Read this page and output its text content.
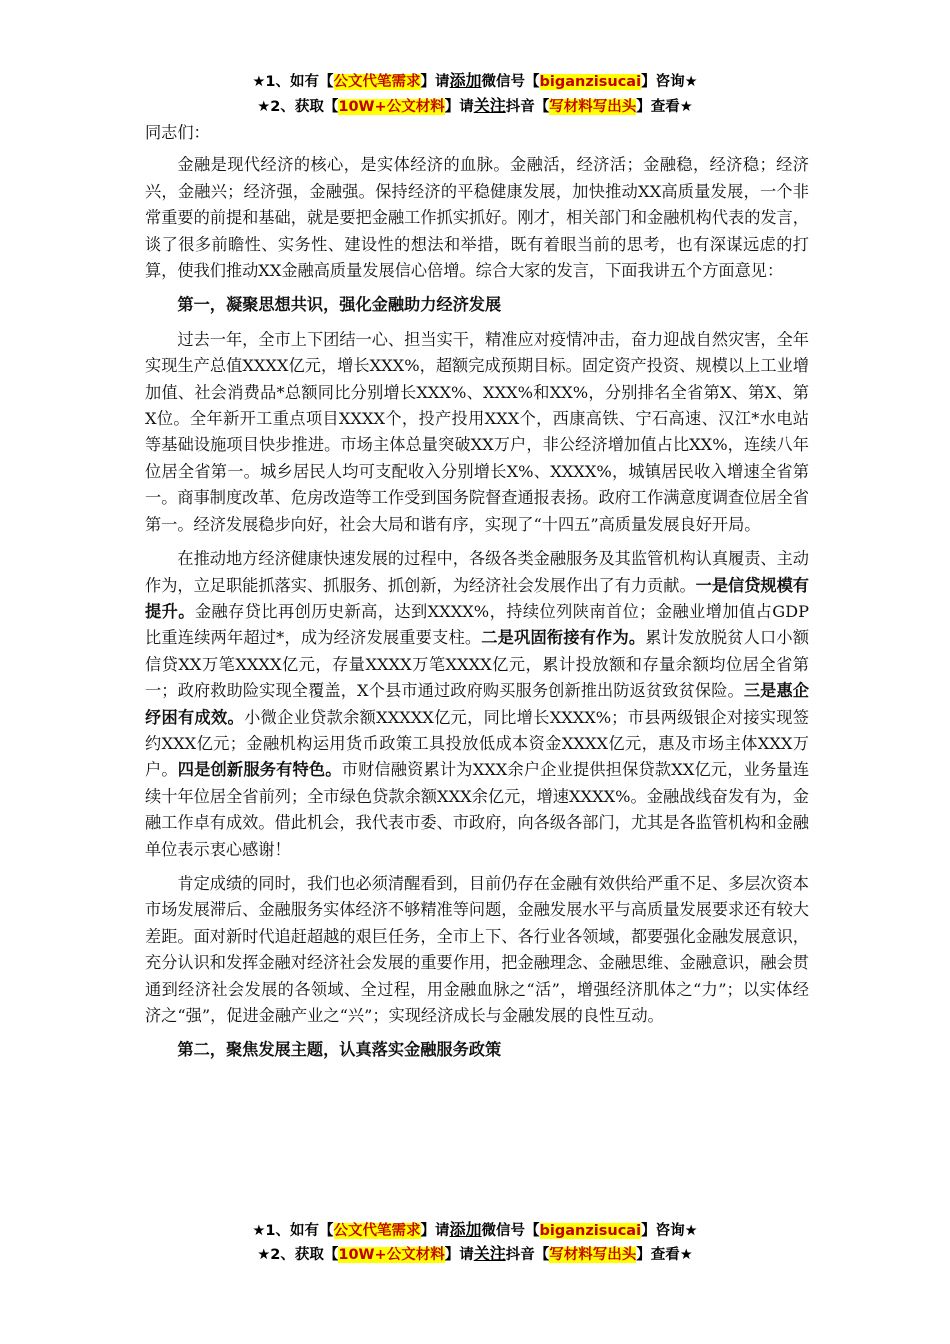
★1、如有【公文代笔需求】请添加微信号【biganzisucai】咨询★
★2、获取【10W+公文材料】请关注抖音【写材料写出头】查看★

同志们：

金融是现代经济的核心，是实体经济的血脉。金融活，经济活；金融稳，经济稳；经济兴，金融兴；经济强，金融强。保持经济的平稳健康发展，加快推动XX高质量发展，一个非常重要的前提和基础，就是要把金融工作抓实抓好。刚才，相关部门和金融机构代表的发言，谈了很多前瞻性、实务性、建设性的想法和举措，既有着眼当前的思考，也有深谋远虑的打算，使我们推动XX金融高质量发展信心倍增。综合大家的发言，下面我讲五个方面意见：

第一，凝聚思想共识，强化金融助力经济发展

过去一年，全市上下团结一心、担当实干，精准应对疫情冲击，奋力迎战自然灾害，全年实现生产总值XXXX亿元，增长XXX%，超额完成预期目标。固定资产投资、规模以上工业增加值、社会消费品*总额同比分别增长XXX%、XXX%和XX%，分别排名全省第X、第X、第X位。全年新开工重点项目XXXX个，投产投用XXX个，西康高铁、宁石高速、汉江*水电站等基础设施项目快步推进。市场主体总量突破XX万户，非公经济增加值占比XX%，连续八年位居全省第一。城乡居民人均可支配收入分别增长X%、XXXX%，城镇居民收入增速全省第一。商事制度改革、危房改造等工作受到国务院督查通报表扬。政府工作满意度调查位居全省第一。经济发展稳步向好，社会大局和谐有序，实现了“十四五”高质量发展良好开局。

在推动地方经济健康快速发展的过程中，各级各类金融服务及其监管机构认真履责、主动作为，立足职能抓落实、抓服务、抓创新，为经济社会发展作出了有力贡献。一是信贷规模有提升。金融存贷比再创历史新高，达到XXXX%，持续位列陕南首位；金融业增加值占GDP比重连续两年超过*，成为经济发展重要支柱。二是巩固衔接有作为。累计发放脱贫人口小额信贷XX万笔XXXX亿元，存量XXXX万笔XXXX亿元，累计投放额和存量余额均位居全省第一；政府救助险实现全覆盖，X个县市通过政府购买服务创新推出防返贫致贫保险。三是惠企纾困有成效。小微企业贷款余额XXXXX亿元，同比增长XXXX%；市县两级银企对接实现签约XXX亿元；金融机构运用货币政策工具投放低成本资金XXXX亿元，惠及市场主体XXX万户。四是创新服务有特色。市财信融资累计为XXX余户企业提供担保贷款XX亿元，业务量连续十年位居全省前列；全市绿色贷款余额XXX余亿元，增速XXXX%。金融战线奋发有为，金融工作卓有成效。借此机会，我代表市委、市政府，向各级各部门，尤其是各监管机构和金融单位表示衷心感谢！

肯定成绩的同时，我们也必须清醒看到，目前仍存在金融有效供给严重不足、多层次资本市场发展滞后、金融服务实体经济不够精准等问题，金融发展水平与高质量发展要求还有较大差距。面对新时代追赶超越的艰巨任务，全市上下、各行业各领域，都要强化金融发展意识，充分认识和发挥金融对经济社会发展的重要作用，把金融理念、金融思维、金融意识，融会贯通到经济社会发展的各领域、全过程，用金融血脉之“活”，增强经济肌体之“力”；以实体经济之“强”，促进金融产业之“兴”；实现经济成长与金融发展的良性互动。

第二，聚焦发展主题，认真落实金融服务政策

★1、如有【公文代笔需求】请添加微信号【biganzisucai】咨询★
★2、获取【10W+公文材料】请关注抖音【写材料写出头】查看★
